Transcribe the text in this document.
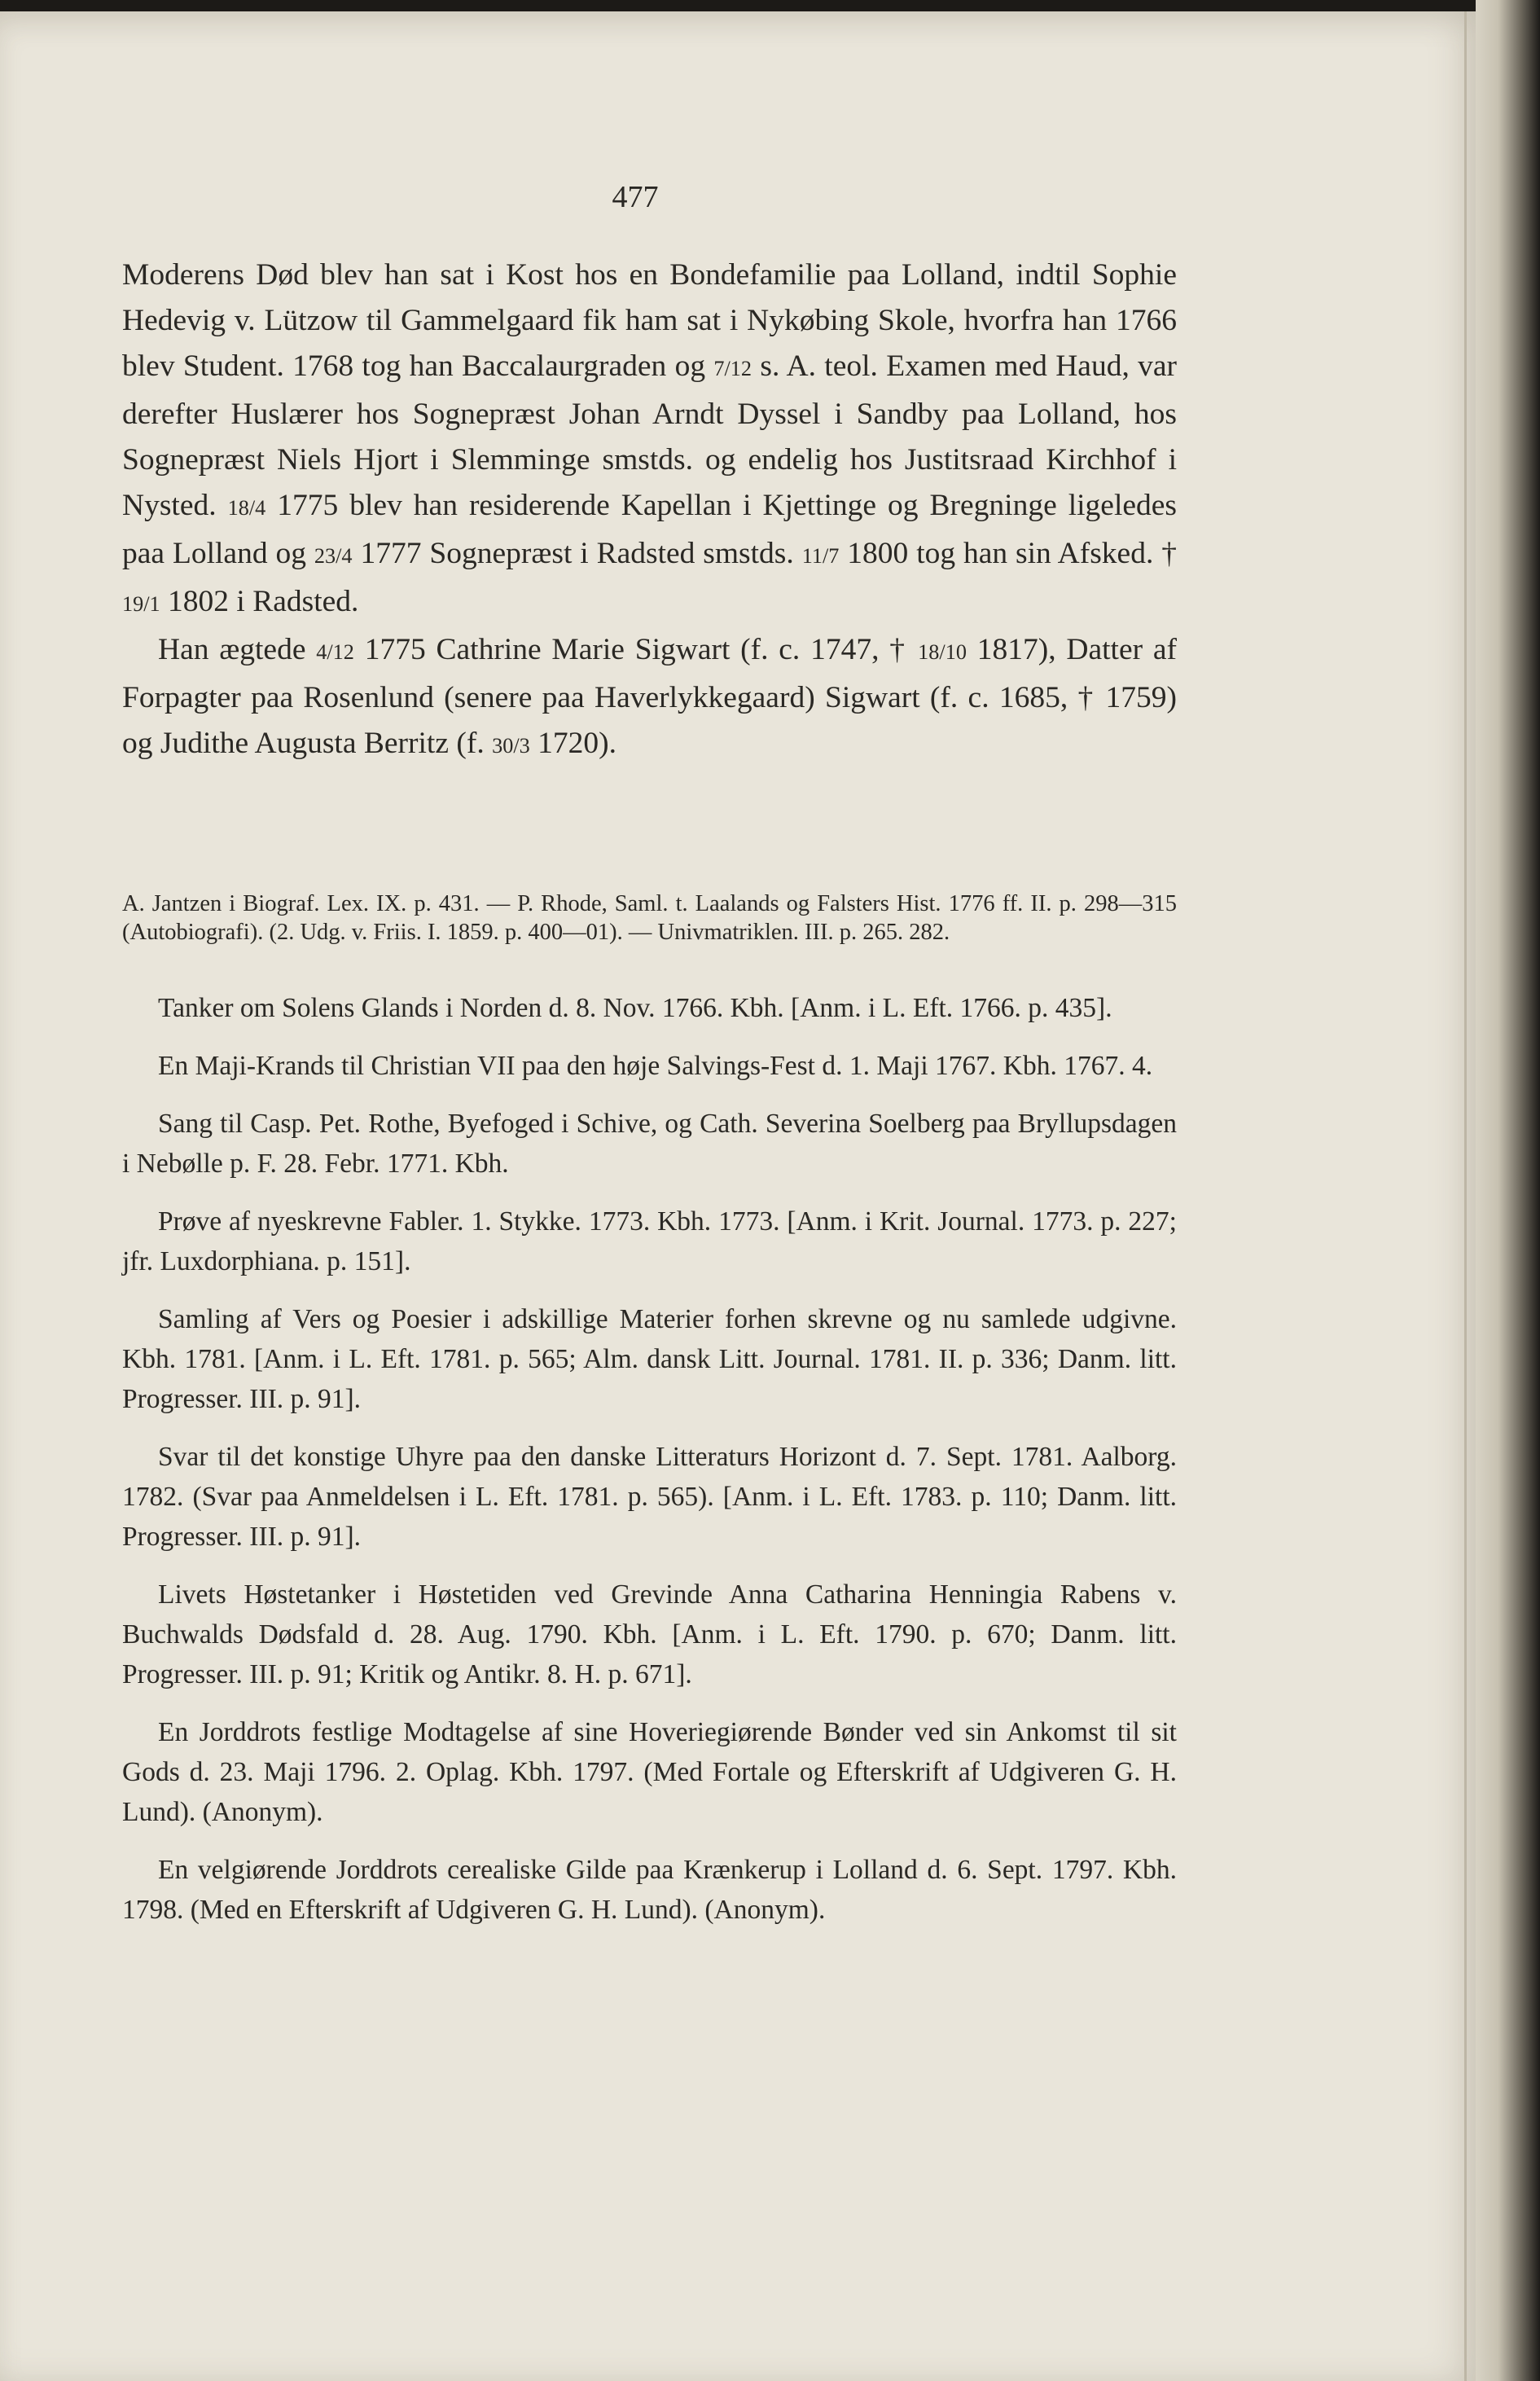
477

Moderens Død blev han sat i Kost hos en Bondefamilie paa Lolland, indtil Sophie Hedevig v. Lützow til Gammelgaard fik ham sat i Nykøbing Skole, hvorfra han 1766 blev Student. 1768 tog han Baccalaurgraden og 7/12 s. A. teol. Examen med Haud, var derefter Huslærer hos Sognepræst Johan Arndt Dyssel i Sandby paa Lolland, hos Sognepræst Niels Hjort i Slemminge smstds. og endelig hos Justitsraad Kirchhof i Nysted. 18/4 1775 blev han residerende Kapellan i Kjettinge og Bregninge ligeledes paa Lolland og 23/4 1777 Sognepræst i Radsted smstds. 11/7 1800 tog han sin Afsked. † 19/1 1802 i Radsted.

Han ægtede 4/12 1775 Cathrine Marie Sigwart (f. c. 1747, † 18/10 1817), Datter af Forpagter paa Rosenlund (senere paa Haverlykkegaard) Sigwart (f. c. 1685, † 1759) og Judithe Augusta Berritz (f. 30/3 1720).

A. Jantzen i Biograf. Lex. IX. p. 431. — P. Rhode, Saml. t. Laalands og Falsters Hist. 1776 ff. II. p. 298—315 (Autobiografi). (2. Udg. v. Friis. I. 1859. p. 400—01). — Univmatriklen. III. p. 265. 282.

Tanker om Solens Glands i Norden d. 8. Nov. 1766. Kbh. [Anm. i L. Eft. 1766. p. 435].

En Maji-Krands til Christian VII paa den høje Salvings-Fest d. 1. Maji 1767. Kbh. 1767. 4.

Sang til Casp. Pet. Rothe, Byefoged i Schive, og Cath. Severina Soelberg paa Bryllupsdagen i Nebølle p. F. 28. Febr. 1771. Kbh.

Prøve af nyeskrevne Fabler. 1. Stykke. 1773. Kbh. 1773. [Anm. i Krit. Journal. 1773. p. 227; jfr. Luxdorphiana. p. 151].

Samling af Vers og Poesier i adskillige Materier forhen skrevne og nu samlede udgivne. Kbh. 1781. [Anm. i L. Eft. 1781. p. 565; Alm. dansk Litt. Journal. 1781. II. p. 336; Danm. litt. Progresser. III. p. 91].

Svar til det konstige Uhyre paa den danske Litteraturs Horizont d. 7. Sept. 1781. Aalborg. 1782. (Svar paa Anmeldelsen i L. Eft. 1781. p. 565). [Anm. i L. Eft. 1783. p. 110; Danm. litt. Progresser. III. p. 91].

Livets Høstetanker i Høstetiden ved Grevinde Anna Catharina Henningia Rabens v. Buchwalds Dødsfald d. 28. Aug. 1790. Kbh. [Anm. i L. Eft. 1790. p. 670; Danm. litt. Progresser. III. p. 91; Kritik og Antikr. 8. H. p. 671].

En Jorddrots festlige Modtagelse af sine Hoveriegiørende Bønder ved sin Ankomst til sit Gods d. 23. Maji 1796. 2. Oplag. Kbh. 1797. (Med Fortale og Efterskrift af Udgiveren G. H. Lund). (Anonym).

En velgiørende Jorddrots cerealiske Gilde paa Krænkerup i Lolland d. 6. Sept. 1797. Kbh. 1798. (Med en Efterskrift af Udgiveren G. H. Lund). (Anonym).
